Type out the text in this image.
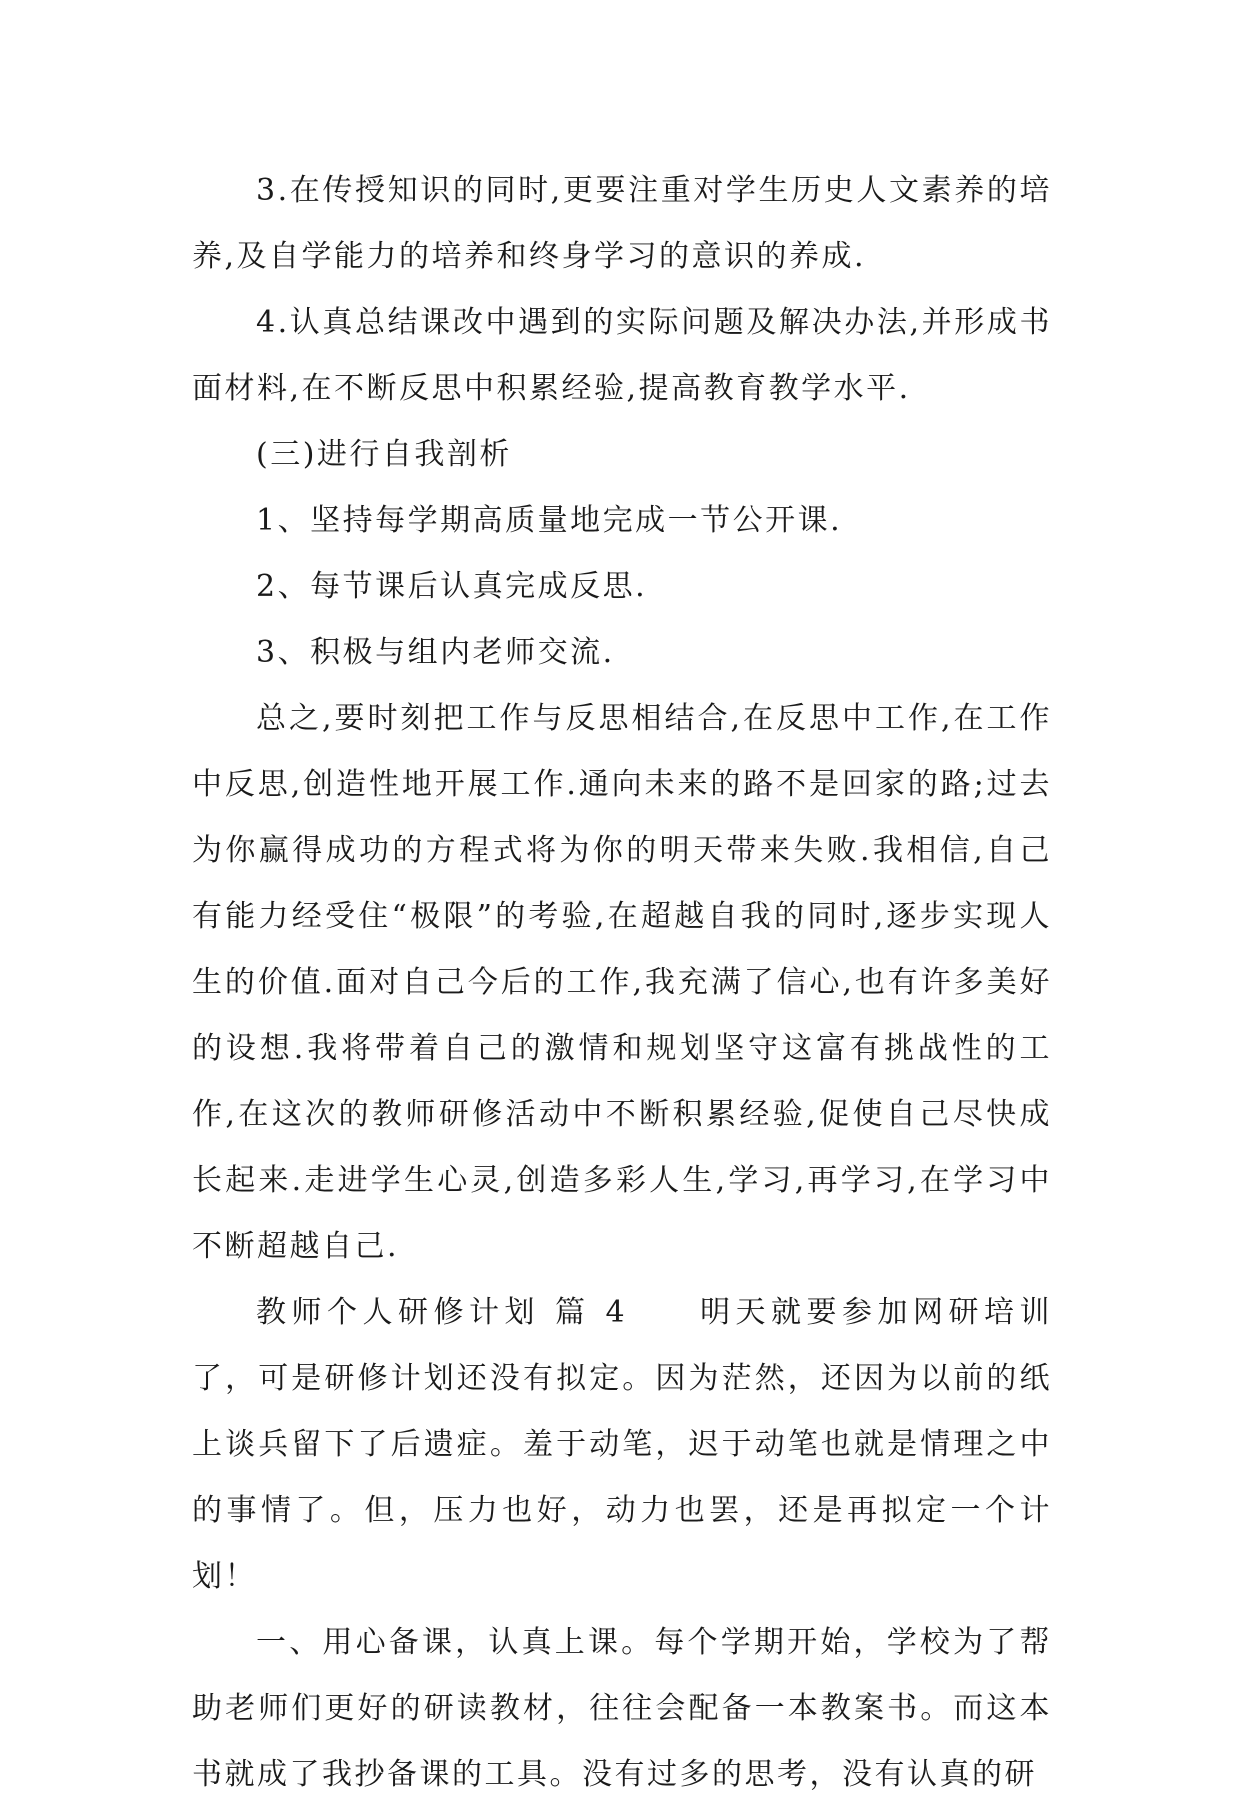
3.在传授知识的同时,更要注重对学生历史人文素养的培养,及自学能力的培养和终身学习的意识的养成.

4.认真总结课改中遇到的实际问题及解决办法,并形成书面材料,在不断反思中积累经验,提高教育教学水平.

(三)进行自我剖析

1、坚持每学期高质量地完成一节公开课.

2、每节课后认真完成反思.

3、积极与组内老师交流.

总之,要时刻把工作与反思相结合,在反思中工作,在工作中反思,创造性地开展工作.通向未来的路不是回家的路;过去为你赢得成功的方程式将为你的明天带来失败.我相信,自己有能力经受住“极限”的考验,在超越自我的同时,逐步实现人生的价值.面对自己今后的工作,我充满了信心,也有许多美好的设想.我将带着自己的激情和规划坚守这富有挑战性的工作,在这次的教师研修活动中不断积累经验,促使自己尽快成长起来.走进学生心灵,创造多彩人生,学习,再学习,在学习中不断超越自己.

教师个人研修计划 篇 4 明天就要参加网研培训了，可是研修计划还没有拟定。因为茫然，还因为以前的纸上谈兵留下了后遗症。羞于动笔，迟于动笔也就是情理之中的事情了。但，压力也好，动力也罢，还是再拟定一个计划！

一、用心备课，认真上课。每个学期开始，学校为了帮助老师们更好的研读教材，往往会配备一本教案书。而这本书就成了我抄备课的工具。没有过多的思考，没有认真的研
